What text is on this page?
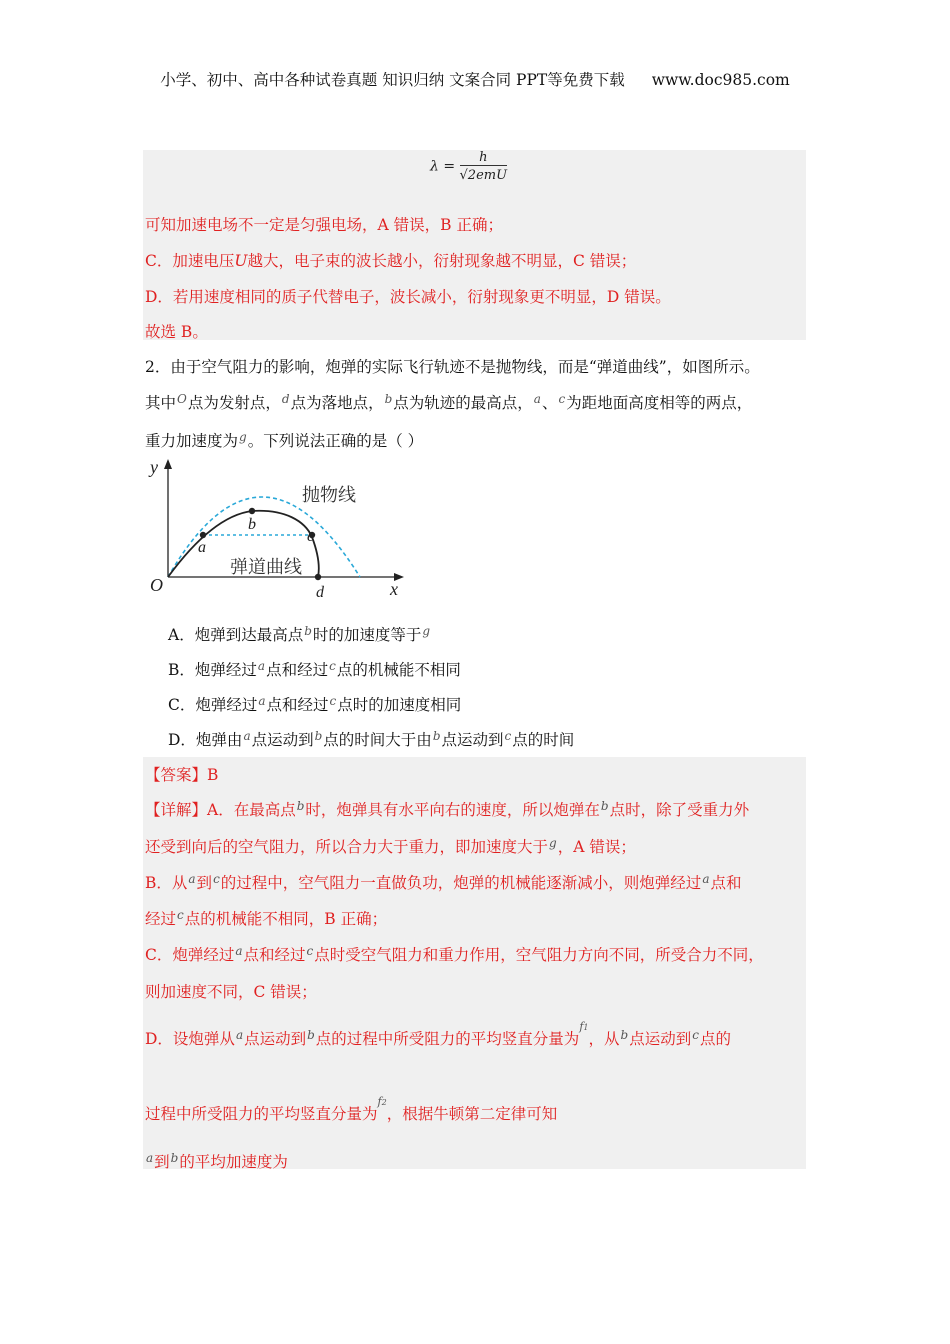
小学、初中、高中各种试卷真题 知识归纳 文案合同 PPT等免费下载 www.doc985.com
$\lambda = \frac{h}{\text{√2emU}}$
可知加速电场不一定是匀强电场，A 错误，B 正确；
C．加速电压U越大，电子束的波长越小，衍射现象越不明显，C 错误；
D．若用速度相同的质子代替电子，波长减小，衍射现象更不明显，D 错误。
故选 B。
2．由于空气阻力的影响，炮弹的实际飞行轨迹不是抛物线，而是“弹道曲线”，如图所示。
其中$^O$点为发射点，$^d$点为落地点，$^b$点为轨迹的最高点，$^a$、$^c$为距地面高度相等的两点，
重力加速度为$^g$。下列说法正确的是（ ）
y
x
O
抛物线
弹道曲线
a
b
c
d
A．炮弹到达最高点$^b$时的加速度等于$^g$
B．炮弹经过$^a$点和经过$^c$点的机械能不相同
C．炮弹经过$^a$点和经过$^c$点时的加速度相同
D．炮弹由$^a$点运动到$^b$点的时间大于由$^b$点运动到$^c$点的时间
【答案】B
【详解】A．在最高点$^b$时，炮弹具有水平向右的速度，所以炮弹在$^b$点时，除了受重力外
还受到向后的空气阻力，所以合力大于重力，即加速度大于$^g$，A 错误；
B．从$^a$到$^c$的过程中，空气阻力一直做负功，炮弹的机械能逐渐减小，则炮弹经过$^a$点和
经过$^c$点的机械能不相同，B 正确；
C．炮弹经过$^a$点和经过$^c$点时受空气阻力和重力作用，空气阻力方向不同，所受合力不同，
则加速度不同，C 错误；
D．设炮弹从$^a$点运动到$^b$点的过程中所受阻力的平均竖直分量为$^{f1}$，从$^b$点运动到$^c$点的
过程中所受阻力的平均竖直分量为$^{f2}$，根据牛顿第二定律可知
$^a$到$^b$的平均加速度为
